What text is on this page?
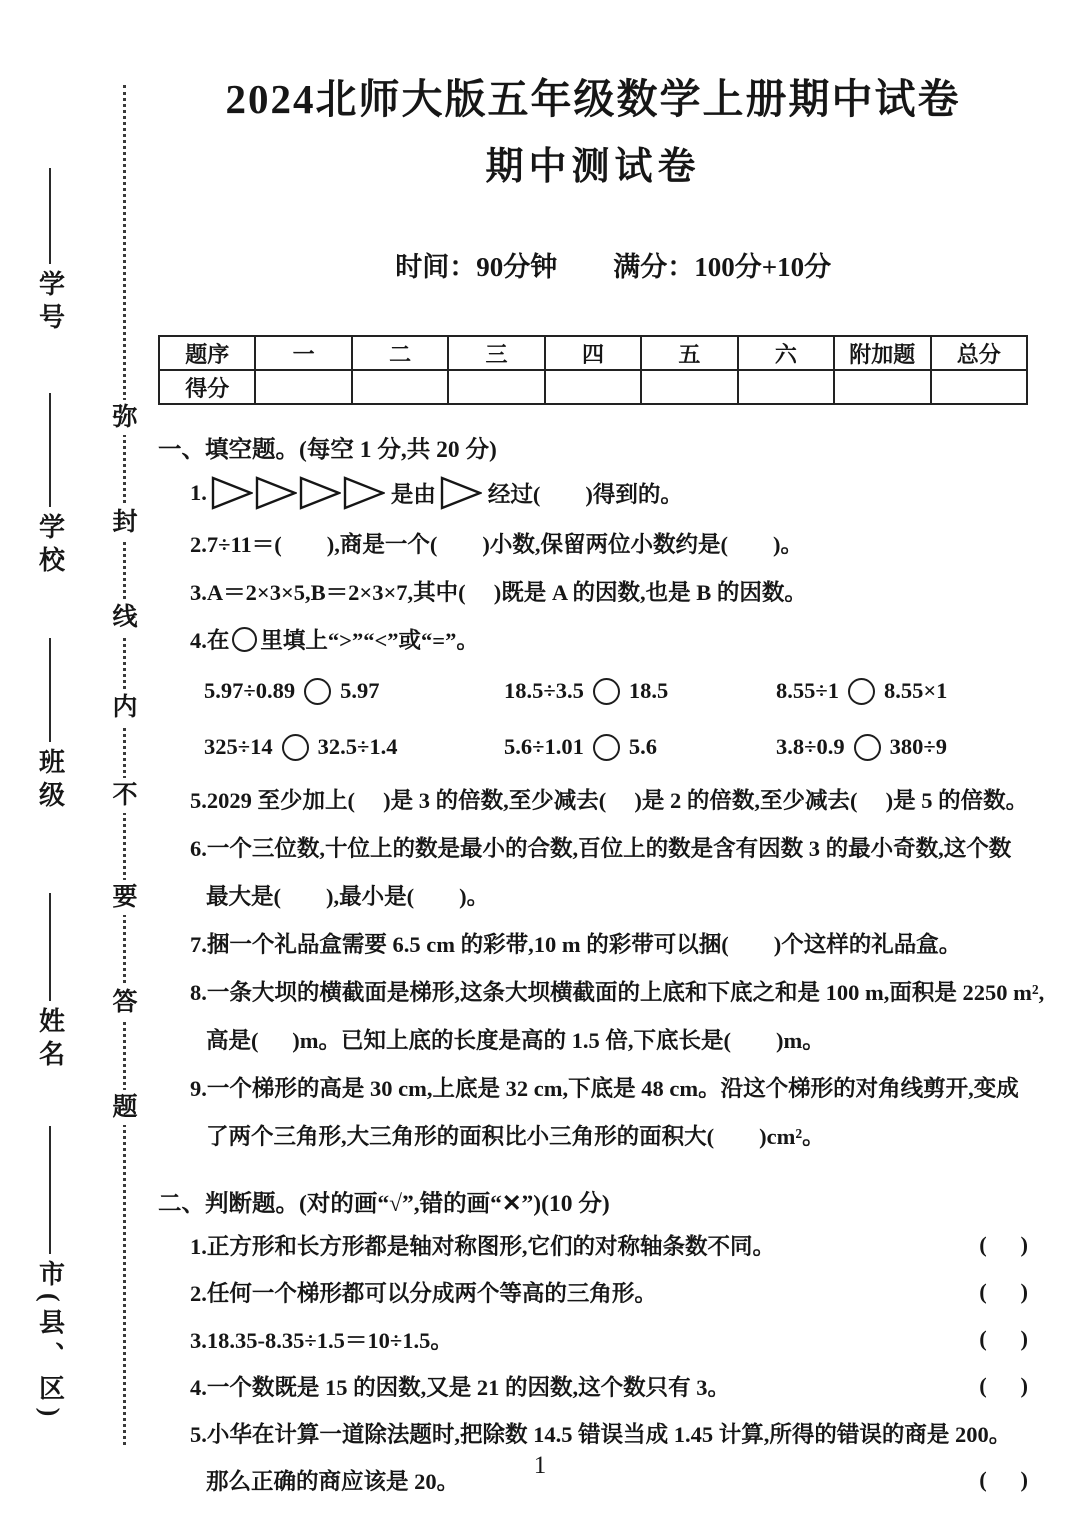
学号
学校
班级
姓名
市(县、区)
弥
封
线
内
不
要
答
题
2024北师大版五年级数学上册期中试卷
期中测试卷

时间：90分钟 满分：100分+10分

题序	一	二	三	四	五	六	附加题	总分
得分								
一、填空题。(每空 1 分,共 20 分)
1.	是由 经过(        )得到的。
2.7÷11＝(        ),商是一个(        )小数,保留两位小数约是(        )。
3.A＝2×3×5,B＝2×3×7,其中(     )既是 A 的因数,也是 B 的因数。
4.在 里填上“>”“<”或“=”。
5.97÷0.89 5.97	18.5÷3.5 18.5	8.55÷1 8.55×1
325÷14 32.5÷1.4	5.6÷1.01 5.6	3.8÷0.9 380÷9
5.2029 至少加上(     )是 3 的倍数,至少减去(     )是 2 的倍数,至少减去(     )是 5 的倍数。
6.一个三位数,十位上的数是最小的合数,百位上的数是含有因数 3 的最小奇数,这个数
最大是(        ),最小是(        )。
7.捆一个礼品盒需要 6.5 cm 的彩带,10 m 的彩带可以捆(        )个这样的礼品盒。
8.一条大坝的横截面是梯形,这条大坝横截面的上底和下底之和是 100 m,面积是 2250 m²,
高是(      )m。已知上底的长度是高的 1.5 倍,下底长是(        )m。
9.一个梯形的高是 30 cm,上底是 32 cm,下底是 48 cm。沿这个梯形的对角线剪开,变成
了两个三角形,大三角形的面积比小三角形的面积大(        )cm²。
二、判断题。(对的画“√”,错的画“✕”)(10 分)
1.正方形和长方形都是轴对称图形,它们的对称轴条数不同。	(      )
2.任何一个梯形都可以分成两个等高的三角形。	(      )
3.18.35-8.35÷1.5＝10÷1.5。	(      )
4.一个数既是 15 的因数,又是 21 的因数,这个数只有 3。	(      )
5.小华在计算一道除法题时,把除数 14.5 错误当成 1.45 计算,所得的错误的商是 200。
那么正确的商应该是 20。	(      )
1
